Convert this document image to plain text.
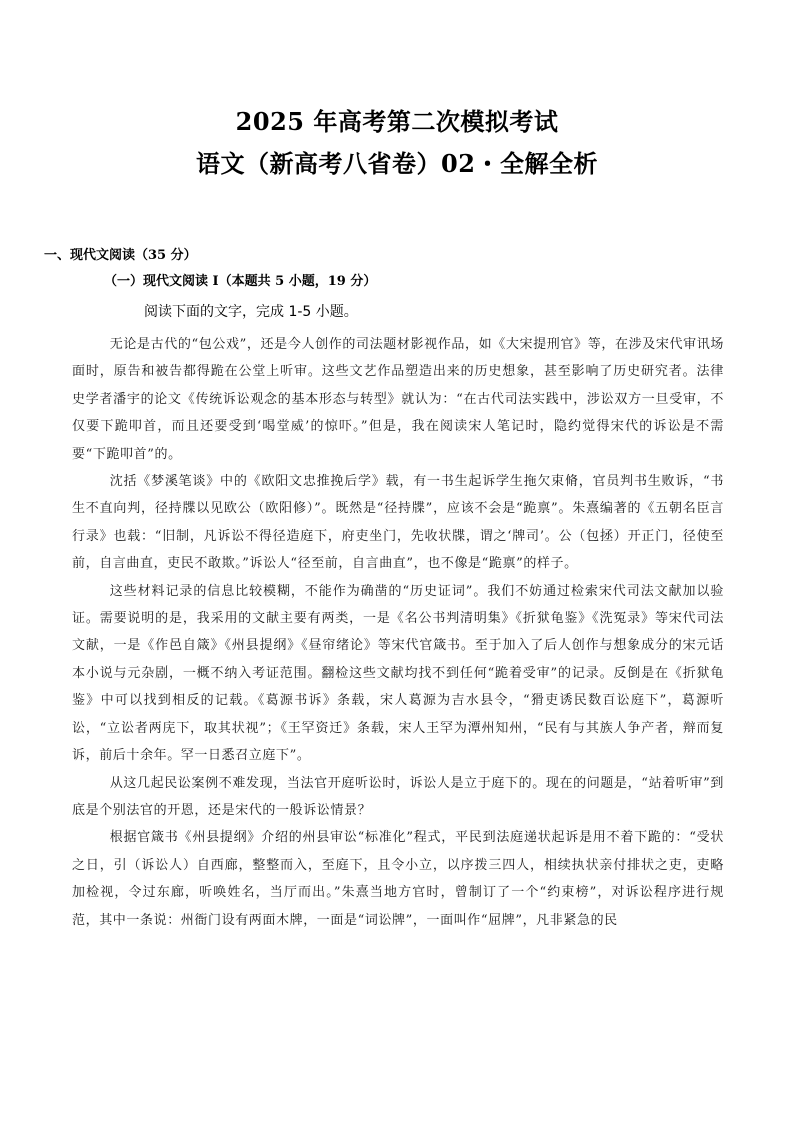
2025 年高考第二次模拟考试
语文（新高考八省卷）02・全解全析
一、现代文阅读（35 分）
（一）现代文阅读 I（本题共 5 小题，19 分）
阅读下面的文字，完成 1-5 小题。

无论是古代的“包公戏”，还是今人创作的司法题材影视作品，如《大宋提刑官》等，在涉及宋代审讯场面时，原告和被告都得跪在公堂上听审。这些文艺作品塑造出来的历史想象，甚至影响了历史研究者。法律史学者潘宇的论文《传统诉讼观念的基本形态与转型》就认为：“在古代司法实践中，涉讼双方一旦受审，不仅要下跪叩首，而且还要受到‘喝堂威’的惊吓。”但是，我在阅读宋人笔记时，隐约觉得宋代的诉讼是不需要“下跪叩首”的。

沈括《梦溪笔谈》中的《欧阳文忠推挽后学》载，有一书生起诉学生拖欠束脩，官员判书生败诉，“书生不直向判，径持牒以见欧公（欧阳修）”。既然是“径持牒”，应该不会是“跪禀”。朱熹编著的《五朝名臣言行录》也载：“旧制，凡诉讼不得径造庭下，府吏坐门，先收状牒，谓之‘牌司’。公（包拯）开正门，径使至前，自言曲直，吏民不敢欺。”诉讼人“径至前，自言曲直”，也不像是“跪禀”的样子。

这些材料记录的信息比较模糊，不能作为确凿的“历史证词”。我们不妨通过检索宋代司法文献加以验证。需要说明的是，我采用的文献主要有两类，一是《名公书判清明集》《折狱龟鉴》《洗冤录》等宋代司法文献，一是《作邑自箴》《州县提纲》《昼帘绪论》等宋代官箴书。至于加入了后人创作与想象成分的宋元话本小说与元杂剧，一概不纳入考证范围。翻检这些文献均找不到任何“跪着受审”的记录。反倒是在《折狱龟鉴》中可以找到相反的记载。《葛源书诉》条载，宋人葛源为吉水县令，“猾吏诱民数百讼庭下”，葛源听讼，“立讼者两庑下，取其状视”；《王罕资迁》条载，宋人王罕为潭州知州，“民有与其族人争产者，辩而复诉，前后十余年。罕一日悉召立庭下”。

从这几起民讼案例不难发现，当法官开庭听讼时，诉讼人是立于庭下的。现在的问题是，“站着听审”到底是个别法官的开恩，还是宋代的一般诉讼情景？

根据官箴书《州县提纲》介绍的州县审讼“标准化”程式，平民到法庭递状起诉是用不着下跪的：“受状之日，引（诉讼人）自西廊，整整而入，至庭下，且令小立，以序拨三四人，相续执状亲付排状之吏，吏略加检视，令过东廊，听唤姓名，当厅而出。”朱熹当地方官时，曾制订了一个“约束榜”，对诉讼程序进行规范，其中一条说：州衙门设有两面木牌，一面是“词讼牌”，一面叫作“屈牌”，凡非紧急的民
